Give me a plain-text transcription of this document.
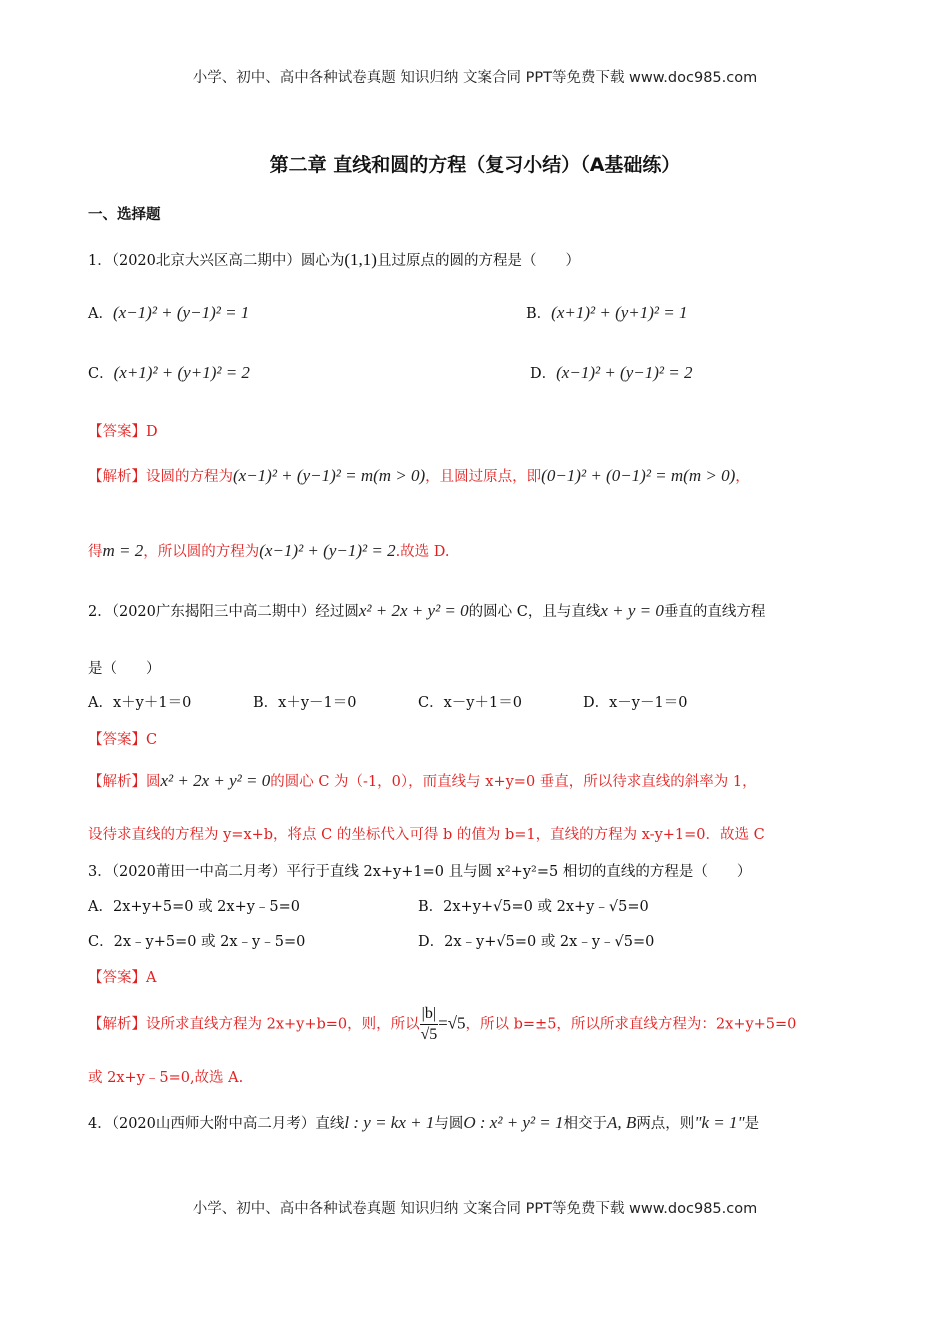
小学、初中、高中各种试卷真题 知识归纳 文案合同 PPT等免费下载 www.doc985.com
第二章 直线和圆的方程（复习小结）（A基础练）
一、选择题
1．（2020北京大兴区高二期中）圆心为(1,1)且过原点的圆的方程是（　　）
A．(x−1)² + (y−1)² = 1	B．(x+1)² + (y+1)² = 1
C．(x+1)² + (y+1)² = 2	D．(x−1)² + (y−1)² = 2
【答案】D
【解析】设圆的方程为(x−1)² + (y−1)² = m(m > 0)，且圆过原点，即(0−1)² + (0−1)² = m(m > 0)，
得m = 2，所以圆的方程为(x−1)² + (y−1)² = 2.故选 D.
2．（2020广东揭阳三中高二期中）经过圆x² + 2x + y² = 0的圆心 C，且与直线x + y = 0垂直的直线方程
是（　　）
A．x＋y＋1＝0	B．x＋y－1＝0	C．x－y＋1＝0	D．x－y－1＝0
【答案】C
【解析】圆x² + 2x + y² = 0的圆心 C 为（-1，0），而直线与 x+y=0 垂直，所以待求直线的斜率为 1，
设待求直线的方程为 y=x+b，将点 C 的坐标代入可得 b 的值为 b=1，直线的方程为 x-y+1=0．故选 C
3．（2020莆田一中高二月考）平行于直线 2x+y+1=0 且与圆 x²+y²=5 相切的直线的方程是（　　）
A．2x+y+5=0 或 2x+y﹣5=0	B．2x+y+√5=0 或 2x+y﹣√5=0
C．2x﹣y+5=0 或 2x﹣y﹣5=0	D．2x﹣y+√5=0 或 2x﹣y﹣√5=0
【答案】A
【解析】设所求直线方程为 2x+y+b=0，则，所以 $\frac{|b|}{√5} =√5$，所以 b=±5，所以所求直线方程为：2x+y+5=0
或 2x+y﹣5=0,故选 A.
4．（2020山西师大附中高二月考）直线l : y = kx + 1与圆O : x² + y² = 1相交于A, B两点，则"k = 1"是
小学、初中、高中各种试卷真题 知识归纳 文案合同 PPT等免费下载 www.doc985.com
